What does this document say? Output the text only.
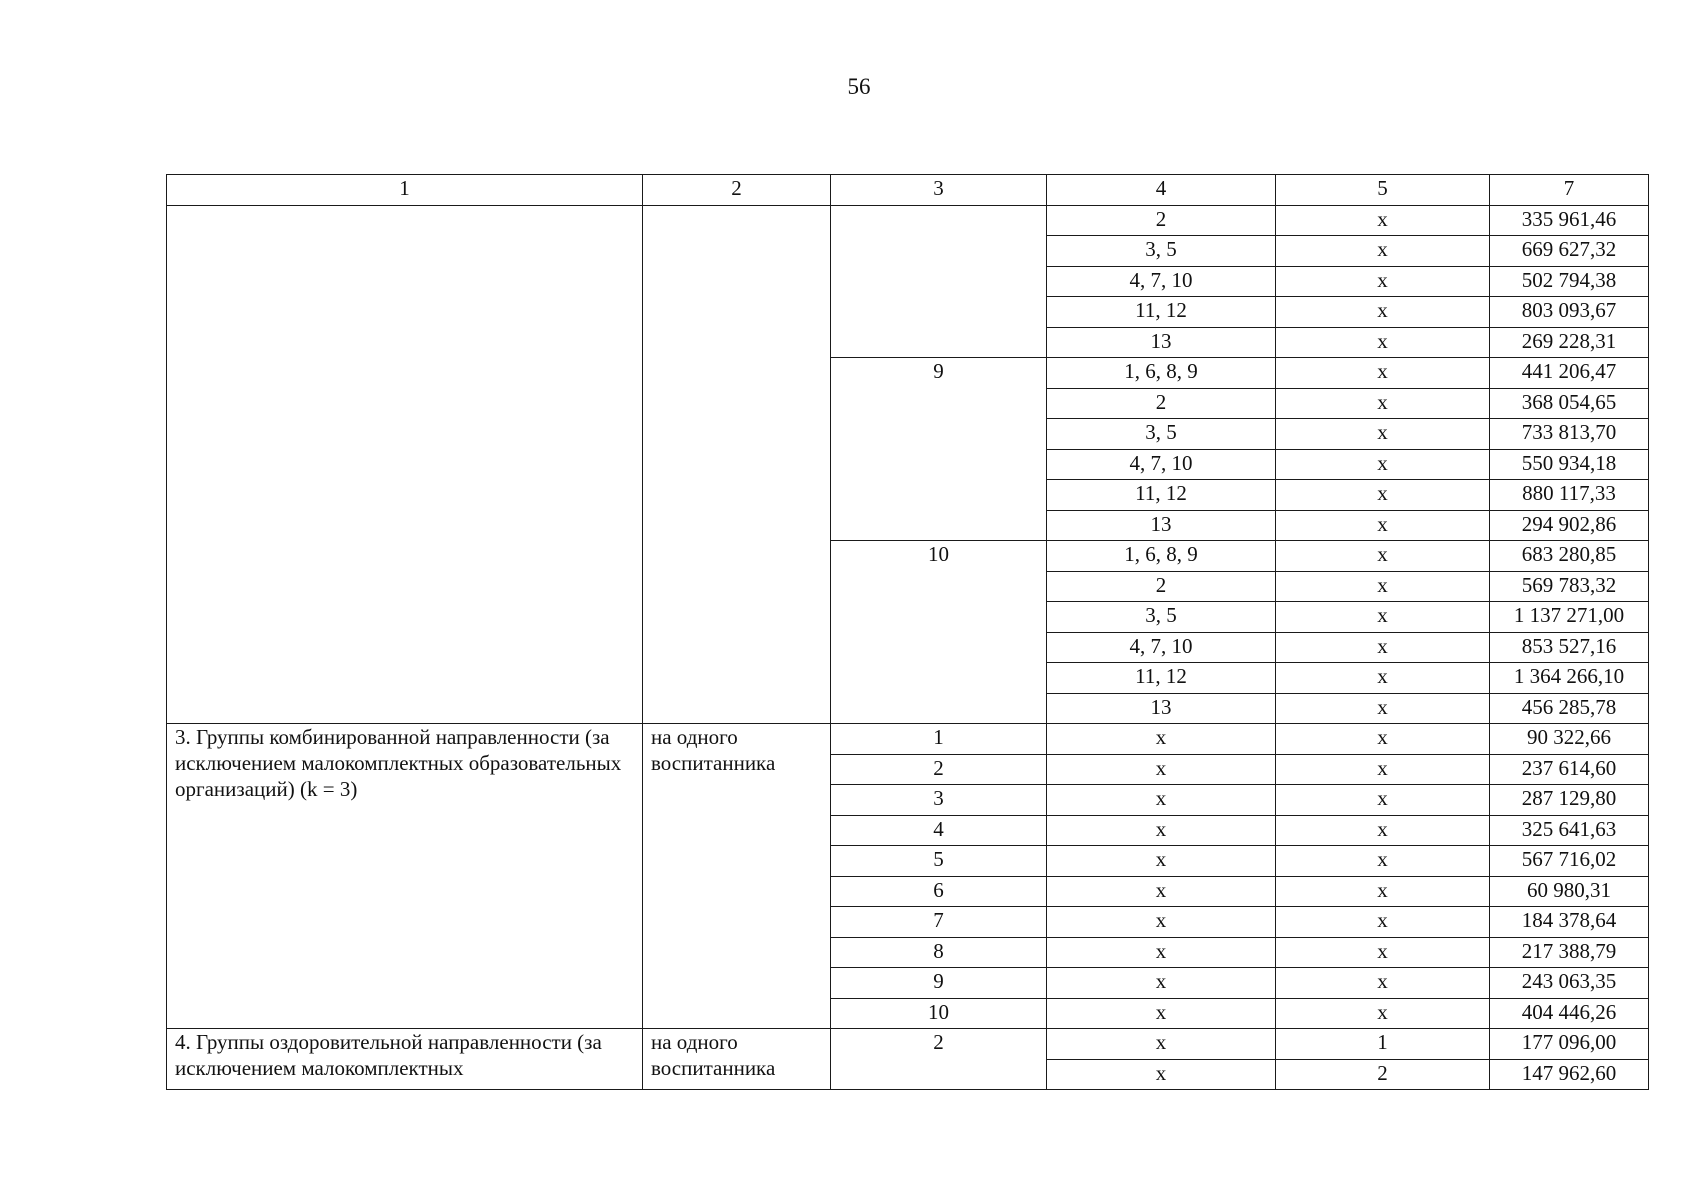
56
1	2	3	4	5	7
			2	x	335 961,46
			3, 5	x	669 627,32
			4, 7, 10	x	502 794,38
			11, 12	x	803 093,67
			13	x	269 228,31
		9	1, 6, 8, 9	x	441 206,47
			2	x	368 054,65
			3, 5	x	733 813,70
			4, 7, 10	x	550 934,18
			11, 12	x	880 117,33
			13	x	294 902,86
		10	1, 6, 8, 9	x	683 280,85
			2	x	569 783,32
			3, 5	x	1 137 271,00
			4, 7, 10	x	853 527,16
			11, 12	x	1 364 266,10
			13	x	456 285,78
3. Группы комбинированной направленности (за исключением малокомплектных образовательных организаций) (k = 3)	на одного воспитанника	1	x	x	90 322,66
		2	x	x	237 614,60
		3	x	x	287 129,80
		4	x	x	325 641,63
		5	x	x	567 716,02
		6	x	x	60 980,31
		7	x	x	184 378,64
		8	x	x	217 388,79
		9	x	x	243 063,35
		10	x	x	404 446,26
4. Группы оздоровительной направленности (за исключением малокомплектных	на одного воспитанника	2	x	1	177 096,00
			x	2	147 962,60
